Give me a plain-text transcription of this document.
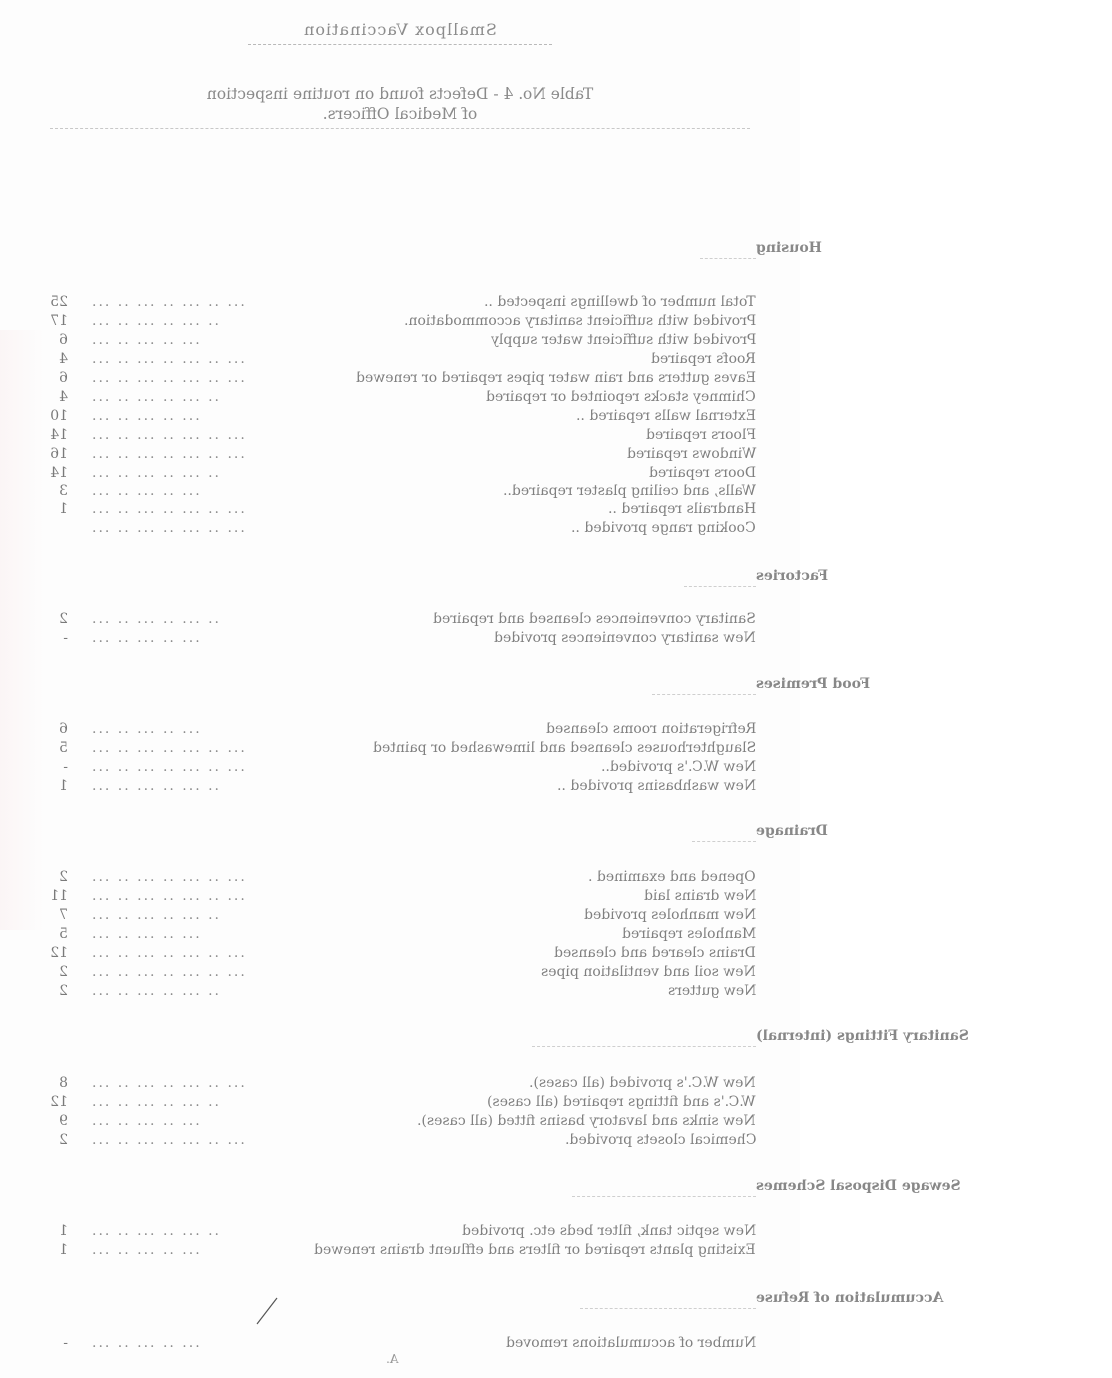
Smallpox Vaccination
Table No. 4 - Defects found on routine inspection
of Medical Officers.
Housing
25 ... .. ... .. ... .. ...	Total number of dwellings inspected ..
17 ... .. ... .. ... ..	Provided with sufficient sanitary accommodation.
6 ... .. ... .. ...	Provided with sufficient water supply
4 ... .. ... .. ... .. ...	Roofs repaired
6 ... .. ... .. ... .. ...	Eaves gutters and rain water pipes repaired or renewed
4 ... .. ... .. ... ..	Chimney stacks repointed or repaired
10 ... .. ... .. ...	External walls repaired ..
14 ... .. ... .. ... .. ...	Floors repaired
16 ... .. ... .. ... .. ...	Windows repaired
14 ... .. ... .. ... ..	Doors repaired
3 ... .. ... .. ...	Walls, and ceiling plaster repaired..
1 ... .. ... .. ... .. ...	Handrails repaired ..
... .. ... .. ... .. ...	Cooking range provided ..
Factories
2 ... .. ... .. ... ..	Sanitary conveniences cleansed and repaired
- ... .. ... .. ...	New sanitary conveniences provided
Food Premises
6 ... .. ... .. ...	Refrigeration rooms cleansed
5 ... .. ... .. ... .. ...	Slaughterhouses cleansed and limewashed or painted
- ... .. ... .. ... .. ...	New W.C.'s provided..
1 ... .. ... .. ... ..	New washbasins provided ..
Drainage
2 ... .. ... .. ... .. ...	Opened and examined .
11 ... .. ... .. ... .. ...	New drains laid
7 ... .. ... .. ... ..	New manholes provided
5 ... .. ... .. ...	Manholes repaired
12 ... .. ... .. ... .. ...	Drains cleared and cleansed
2 ... .. ... .. ... .. ...	New soil and ventilation pipes
2 ... .. ... .. ... ..	New gutters
Sanitary Fittings (internal)
8 ... .. ... .. ... .. ...	New W.C.'s provided (all cases).
12 ... .. ... .. ... ..	W.C.'s and fittings repaired (all cases)
9 ... .. ... .. ...	New sinks and lavatory basins fitted (all cases).
2 ... .. ... .. ... .. ...	Chemical closets provided.
Sewage Disposal Schemes
1 ... .. ... .. ... ..	New septic tank, filter beds etc. provided
1 ... .. ... .. ...	Existing plants repaired or filters and effluent drains renewed
Accumulation of Refuse
- ... .. ... .. ...	Number of accumulations removed
A.
